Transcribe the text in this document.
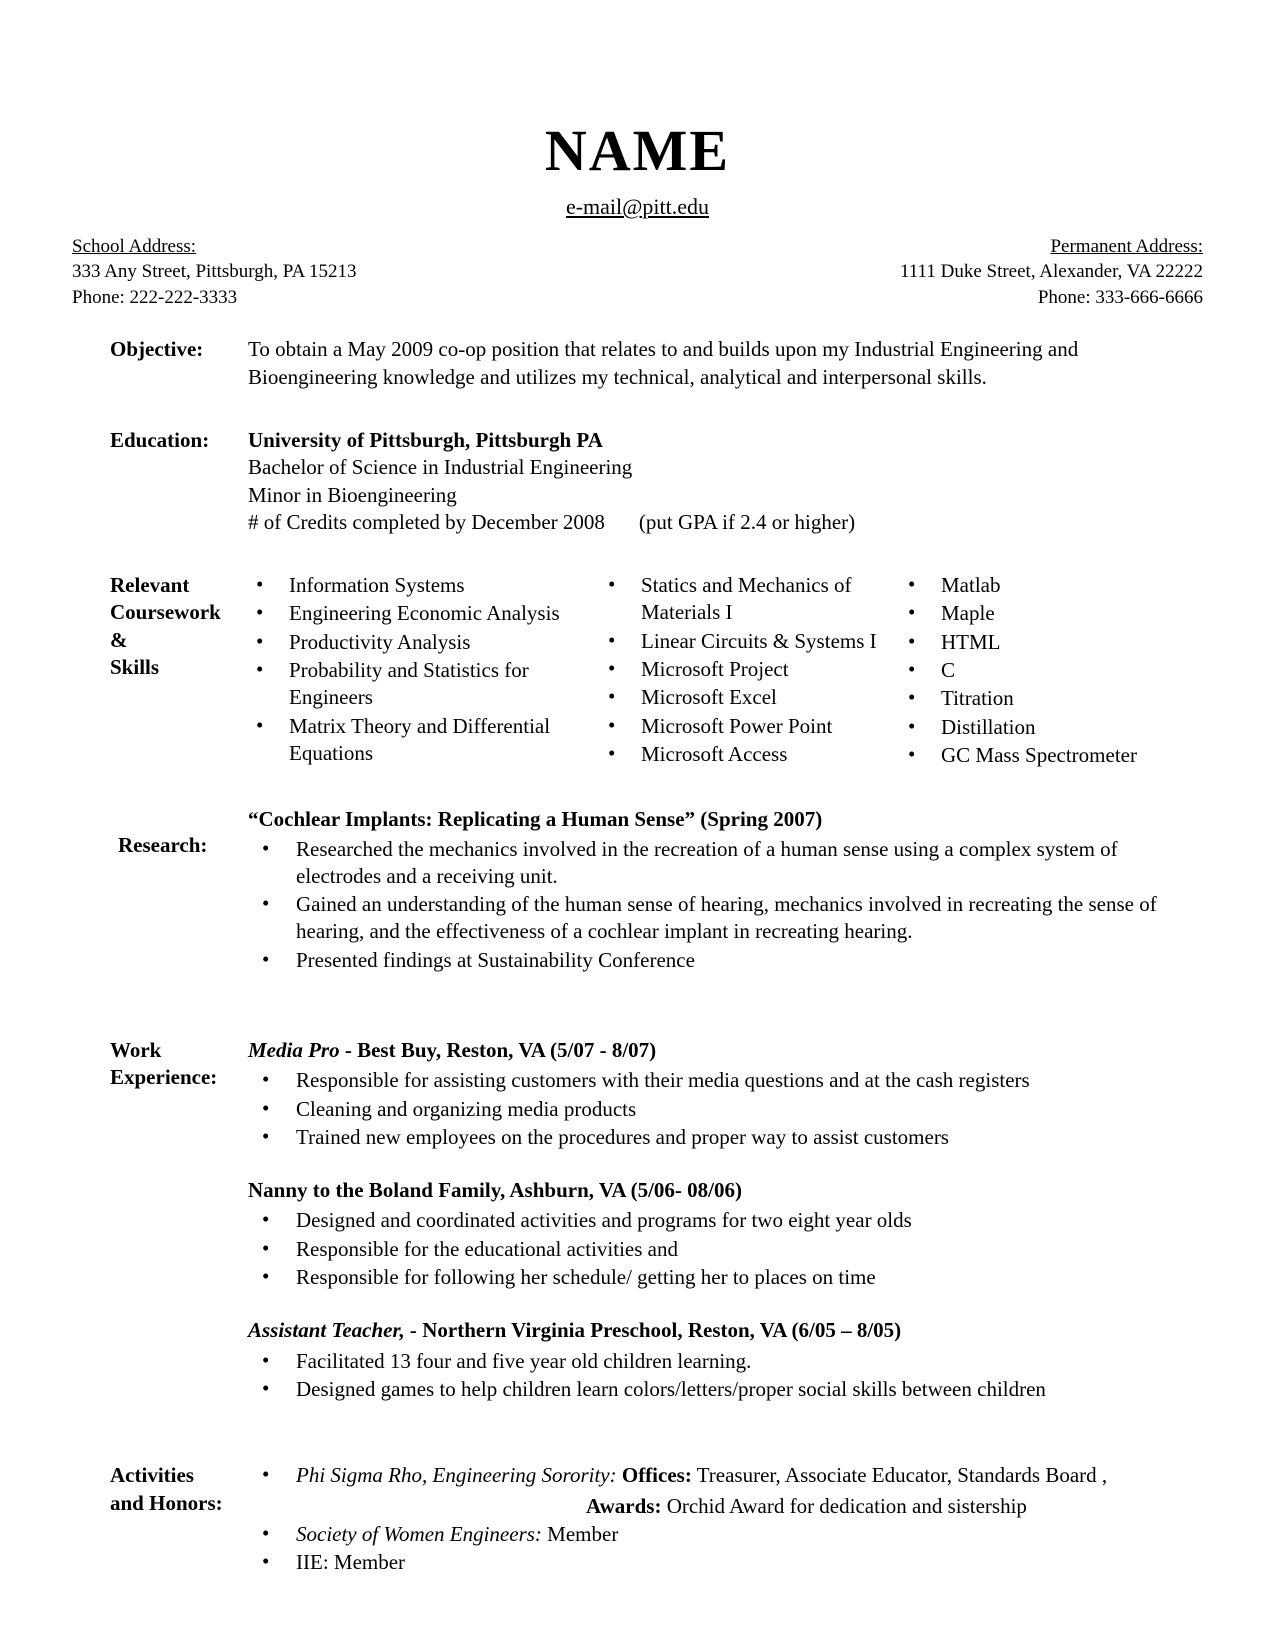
NAME
e-mail@pitt.edu
School Address:
333 Any Street, Pittsburgh, PA 15213
Phone: 222-222-3333
Permanent Address:
1111 Duke Street, Alexander, VA 22222
Phone: 333-666-6666
Objective:	To obtain a May 2009 co-op position that relates to and builds upon my Industrial Engineering and Bioengineering knowledge and utilizes my technical, analytical and interpersonal skills.
Education:	University of Pittsburgh, Pittsburgh PA
Bachelor of Science in Industrial Engineering
Minor in Bioengineering
# of Credits completed by December 2008 (put GPA if 2.4 or higher)
Relevant
Coursework
&
Skills
• Information Systems
• Engineering Economic Analysis
• Productivity Analysis
• Probability and Statistics for Engineers
• Matrix Theory and Differential Equations
• Statics and Mechanics of Materials I
• Linear Circuits & Systems I
• Microsoft Project
• Microsoft Excel
• Microsoft Power Point
• Microsoft Access
• Matlab
• Maple
• HTML
• C
• Titration
• Distillation
• GC Mass Spectrometer
Research:
“Cochlear Implants: Replicating a Human Sense” (Spring 2007)
• Researched the mechanics involved in the recreation of a human sense using a complex system of electrodes and a receiving unit.
• Gained an understanding of the human sense of hearing, mechanics involved in recreating the sense of hearing, and the effectiveness of a cochlear implant in recreating hearing.
• Presented findings at Sustainability Conference
Work
Experience:
Media Pro - Best Buy, Reston, VA (5/07 - 8/07)
• Responsible for assisting customers with their media questions and at the cash registers
• Cleaning and organizing media products
• Trained new employees on the procedures and proper way to assist customers
Nanny to the Boland Family, Ashburn, VA (5/06- 08/06)
• Designed and coordinated activities and programs for two eight year olds
• Responsible for the educational activities and
• Responsible for following her schedule/ getting her to places on time
Assistant Teacher, - Northern Virginia Preschool, Reston, VA (6/05 – 8/05)
• Facilitated 13 four and five year old children learning.
• Designed games to help children learn colors/letters/proper social skills between children
Activities
and Honors:
• Phi Sigma Rho, Engineering Sorority: Offices: Treasurer, Associate Educator, Standards Board ,
Awards: Orchid Award for dedication and sistership
• Society of Women Engineers: Member
• IIE: Member
